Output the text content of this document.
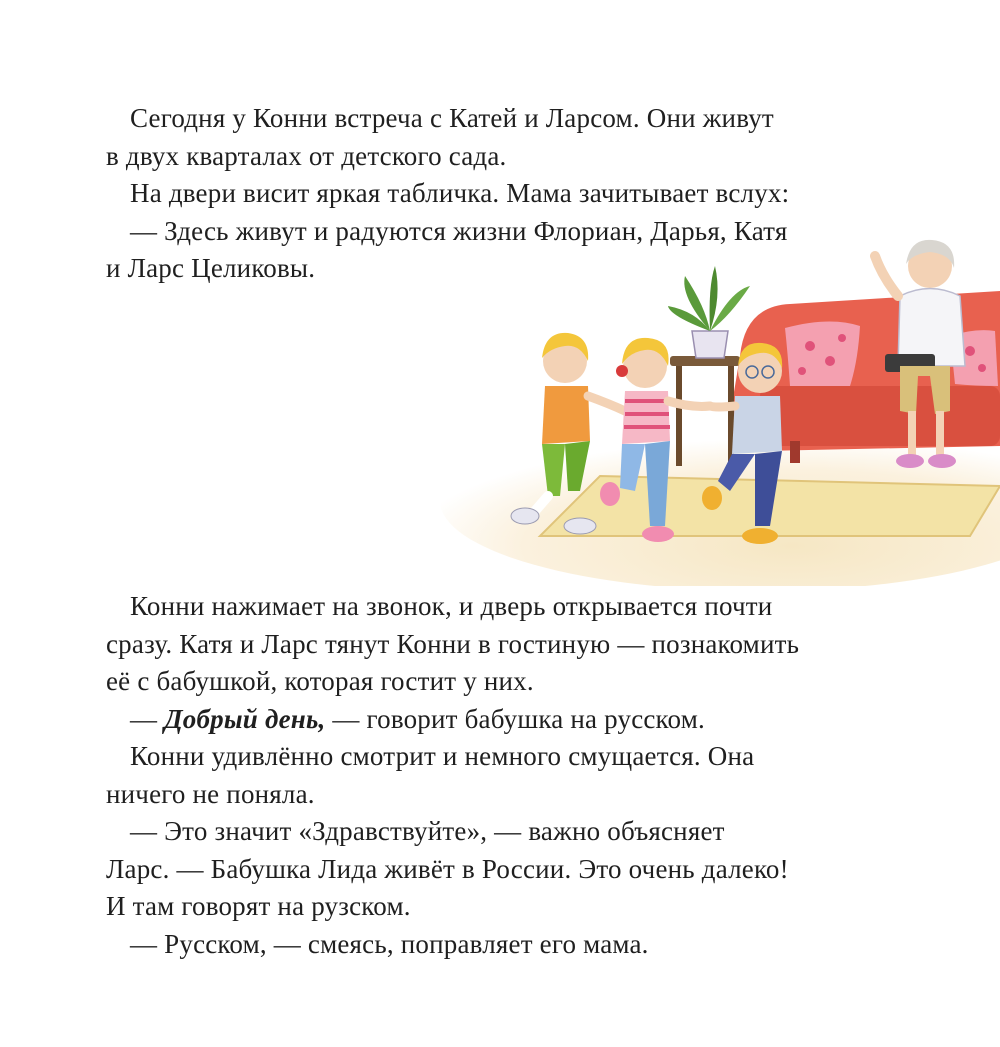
Сегодня у Конни встреча с Катей и Ларсом. Они живут
в двух кварталах от детского сада.

На двери висит яркая табличка. Мама зачитывает вслух:

— Здесь живут и радуются жизни Флориан, Дарья, Катя
и Ларс Целиковы.

Конни нажимает на звонок, и дверь открывается почти
сразу. Катя и Ларс тянут Конни в гостиную — познакомить
её с бабушкой, которая гостит у них.

— Добрый день, — говорит бабушка на русском.

Конни удивлённо смотрит и немного смущается. Она
ничего не поняла.

— Это значит «Здравствуйте», — важно объясняет
Ларс. — Бабушка Лида живёт в России. Это очень далеко!
И там говорят на рузском.

— Русском, — смеясь, поправляет его мама.
